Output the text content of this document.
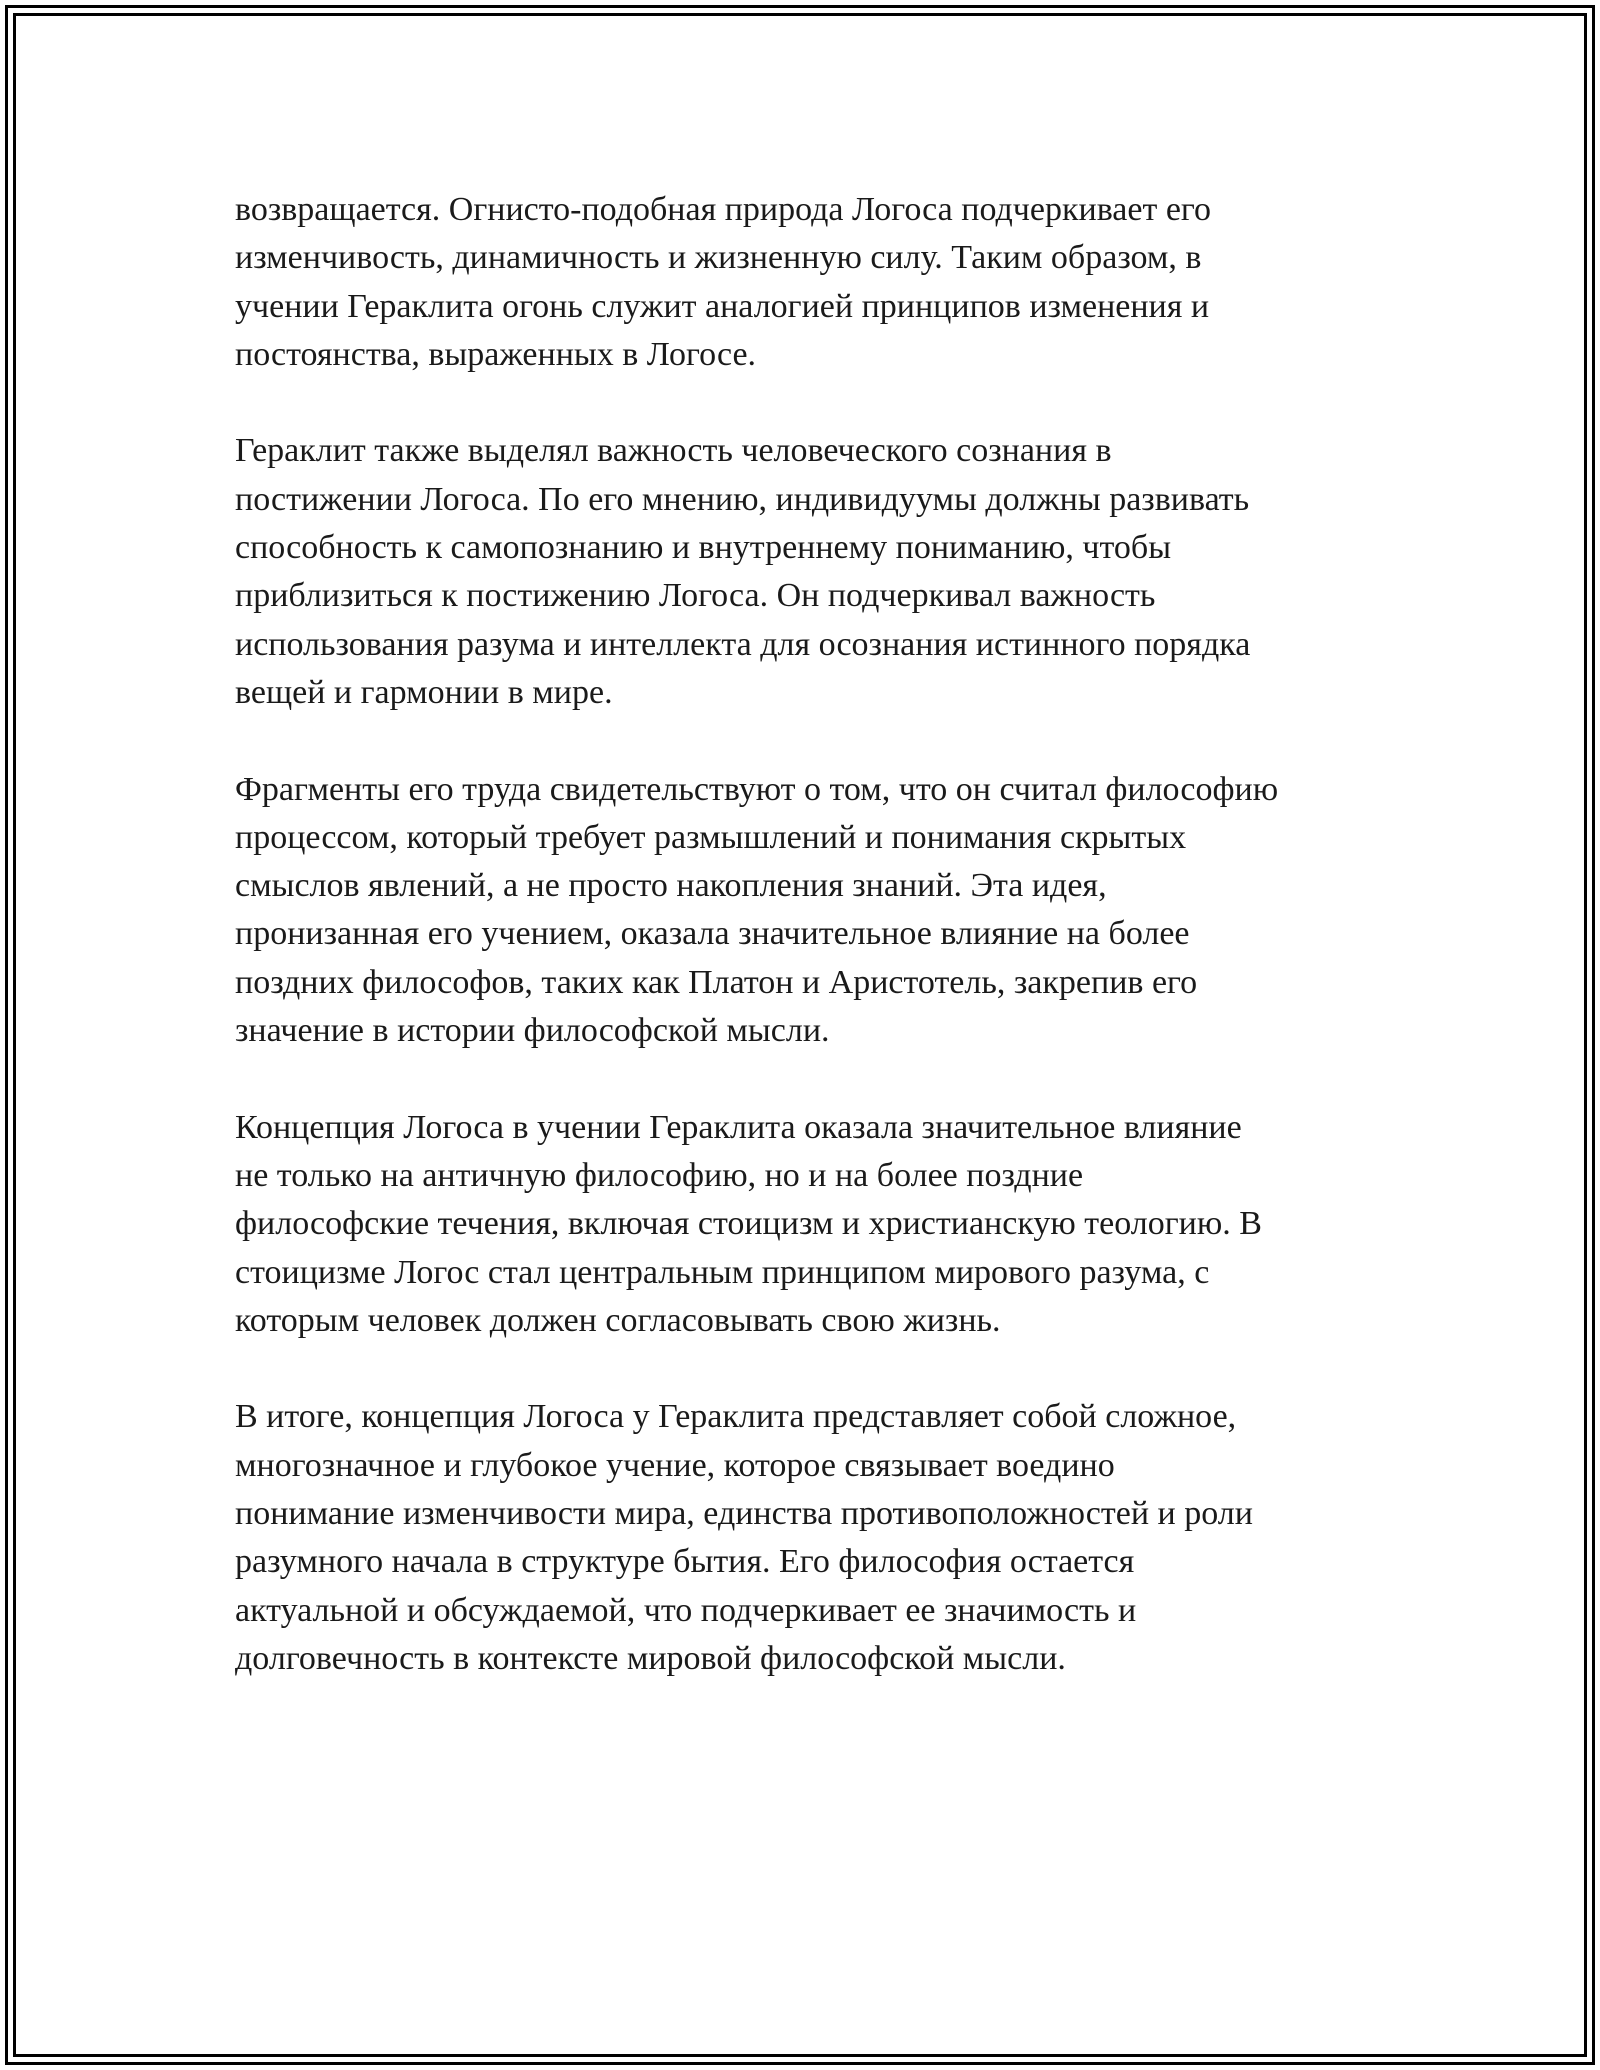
возвращается. Огнисто-подобная природа Логоса подчеркивает его
изменчивость, динамичность и жизненную силу. Таким образом, в
учении Гераклита огонь служит аналогией принципов изменения и
постоянства, выраженных в Логосе.

Гераклит также выделял важность человеческого сознания в
постижении Логоса. По его мнению, индивидуумы должны развивать
способность к самопознанию и внутреннему пониманию, чтобы
приблизиться к постижению Логоса. Он подчеркивал важность
использования разума и интеллекта для осознания истинного порядка
вещей и гармонии в мире.

Фрагменты его труда свидетельствуют о том, что он считал философию
процессом, который требует размышлений и понимания скрытых
смыслов явлений, а не просто накопления знаний. Эта идея,
пронизанная его учением, оказала значительное влияние на более
поздних философов, таких как Платон и Аристотель, закрепив его
значение в истории философской мысли.

Концепция Логоса в учении Гераклита оказала значительное влияние
не только на античную философию, но и на более поздние
философские течения, включая стоицизм и христианскую теологию. В
стоицизме Логос стал центральным принципом мирового разума, с
которым человек должен согласовывать свою жизнь.

В итоге, концепция Логоса у Гераклита представляет собой сложное,
многозначное и глубокое учение, которое связывает воедино
понимание изменчивости мира, единства противоположностей и роли
разумного начала в структуре бытия. Его философия остается
актуальной и обсуждаемой, что подчеркивает ее значимость и
долговечность в контексте мировой философской мысли.
